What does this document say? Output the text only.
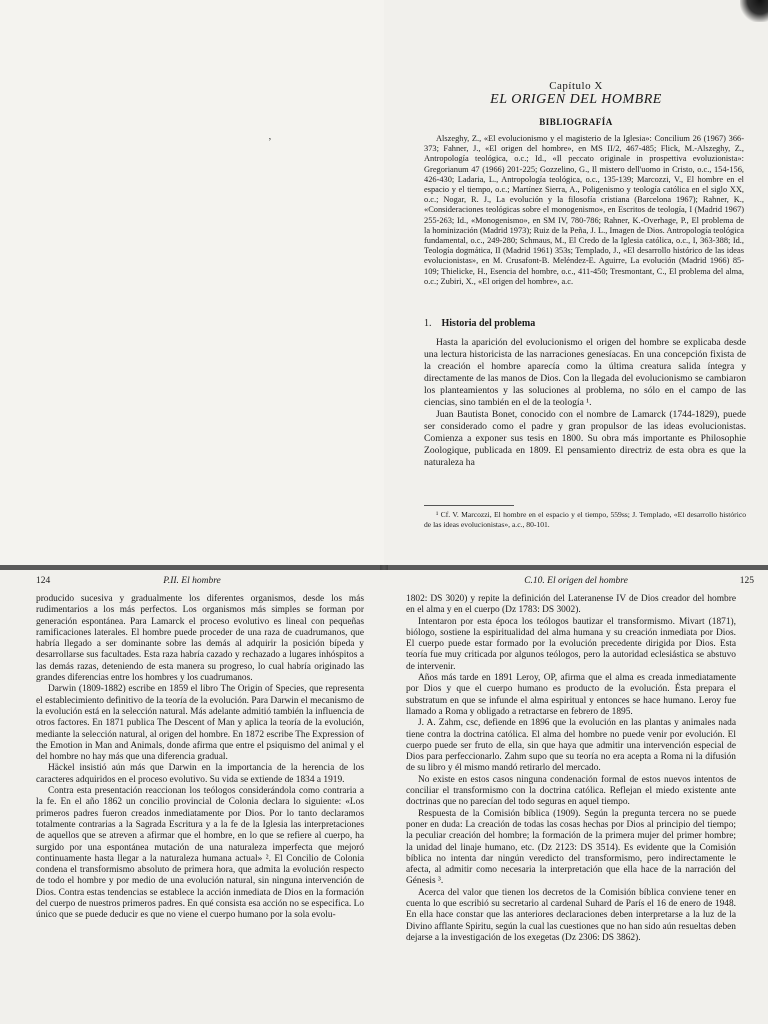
ʼ
Capítulo X
EL ORIGEN DEL HOMBRE
BIBLIOGRAFÍA
Alszeghy, Z., «El evolucionismo y el magisterio de la Iglesia»: Concilium 26 (1967) 366-373; Fahner, J., «El origen del hombre», en MS II/2, 467-485; Flick, M.-Alszeghy, Z., Antropología teológica, o.c.; Id., «Il peccato originale in prospettiva evoluzionista»: Gregorianum 47 (1966) 201-225; Gozzelino, G., Il mistero dell'uomo in Cristo, o.c., 154-156, 426-430; Ladaria, L., Antropología teológica, o.c., 135-139; Marcozzi, V., El hombre en el espacio y el tiempo, o.c.; Martínez Sierra, A., Poligenismo y teología católica en el siglo XX, o.c.; Nogar, R. J., La evolución y la filosofía cristiana (Barcelona 1967); Rahner, K., «Consideraciones teológicas sobre el monogenismo», en Escritos de teología, I (Madrid 1967) 255-263; Id., «Monogenismo», en SM IV, 780-786; Rahner, K.-Overhage, P., El problema de la hominización (Madrid 1973); Ruiz de la Peña, J. L., Imagen de Dios. Antropología teológica fundamental, o.c., 249-280; Schmaus, M., El Credo de la Iglesia católica, o.c., I, 363-388; Id., Teología dogmática, II (Madrid 1961) 353s; Templado, J., «El desarrollo histórico de las ideas evolucionistas», en M. Crusafont-B. Meléndez-E. Aguirre, La evolución (Madrid 1966) 85-109; Thielicke, H., Esencia del hombre, o.c., 411-450; Tresmontant, C., El problema del alma, o.c.; Zubiri, X., «El origen del hombre», a.c.
1. Historia del problema

Hasta la aparición del evolucionismo el origen del hombre se explicaba desde una lectura historicista de las narraciones genesíacas. En una concepción fixista de la creación el hombre aparecía como la última creatura salida íntegra y directamente de las manos de Dios. Con la llegada del evolucionismo se cambiaron los planteamientos y las soluciones al problema, no sólo en el campo de las ciencias, sino también en el de la teología ¹.

Juan Bautista Bonet, conocido con el nombre de Lamarck (1744-1829), puede ser considerado como el padre y gran propulsor de las ideas evolucionistas. Comienza a exponer sus tesis en 1800. Su obra más importante es Philosophie Zoologique, publicada en 1809. El pensamiento directriz de esta obra es que la naturaleza ha

¹ Cf. V. Marcozzi, El hombre en el espacio y el tiempo, 559ss; J. Templado, «El desarrollo histórico de las ideas evolucionistas», a.c., 80-101.
124	P.II. El hombre

producido sucesiva y gradualmente los diferentes organismos, desde los más rudimentarios a los más perfectos. Los organismos más simples se forman por generación espontánea. Para Lamarck el proceso evolutivo es lineal con pequeñas ramificaciones laterales. El hombre puede proceder de una raza de cuadrumanos, que habría llegado a ser dominante sobre las demás al adquirir la posición bípeda y desarrollarse sus facultades. Esta raza habría cazado y rechazado a lugares inhóspitos a las demás razas, deteniendo de esta manera su progreso, lo cual habría originado las grandes diferencias entre los hombres y los cuadrumanos.

Darwin (1809-1882) escribe en 1859 el libro The Origin of Species, que representa el establecimiento definitivo de la teoría de la evolución. Para Darwin el mecanismo de la evolución está en la selección natural. Más adelante admitió también la influencia de otros factores. En 1871 publica The Descent of Man y aplica la teoría de la evolución, mediante la selección natural, al origen del hombre. En 1872 escribe The Expression of the Emotion in Man and Animals, donde afirma que entre el psiquismo del animal y el del hombre no hay más que una diferencia gradual.

Häckel insistió aún más que Darwin en la importancia de la herencia de los caracteres adquiridos en el proceso evolutivo. Su vida se extiende de 1834 a 1919.

Contra esta presentación reaccionan los teólogos considerándola como contraria a la fe. En el año 1862 un concilio provincial de Colonia declara lo siguiente: «Los primeros padres fueron creados inmediatamente por Dios. Por lo tanto declaramos totalmente contrarias a la Sagrada Escritura y a la fe de la Iglesia las interpretaciones de aquellos que se atreven a afirmar que el hombre, en lo que se refiere al cuerpo, ha surgido por una espontánea mutación de una naturaleza imperfecta que mejoró continuamente hasta llegar a la naturaleza humana actual» ². El Concilio de Colonia condena el transformismo absoluto de primera hora, que admita la evolución respecto de todo el hombre y por medio de una evolución natural, sin ninguna intervención de Dios. Contra estas tendencias se establece la acción inmediata de Dios en la formación del cuerpo de nuestros primeros padres. En qué consista esa acción no se especifica. Lo único que se puede deducir es que no viene el cuerpo humano por la sola evolu-

C.10. El origen del hombre	125

1802: DS 3020) y repite la definición del Lateranense IV de Dios creador del hombre en el alma y en el cuerpo (Dz 1783: DS 3002).

Intentaron por esta época los teólogos bautizar el transformismo. Mivart (1871), biólogo, sostiene la espiritualidad del alma humana y su creación inmediata por Dios. El cuerpo puede estar formado por la evolución precedente dirigida por Dios. Esta teoría fue muy criticada por algunos teólogos, pero la autoridad eclesiástica se abstuvo de intervenir.

Años más tarde en 1891 Leroy, OP, afirma que el alma es creada inmediatamente por Dios y que el cuerpo humano es producto de la evolución. Ésta prepara el substratum en que se infunde el alma espiritual y entonces se hace humano. Leroy fue llamado a Roma y obligado a retractarse en febrero de 1895.

J. A. Zahm, csc, defiende en 1896 que la evolución en las plantas y animales nada tiene contra la doctrina católica. El alma del hombre no puede venir por evolución. El cuerpo puede ser fruto de ella, sin que haya que admitir una intervención especial de Dios para perfeccionarlo. Zahm supo que su teoría no era acepta a Roma ni la difusión de su libro y él mismo mandó retirarlo del mercado.

No existe en estos casos ninguna condenación formal de estos nuevos intentos de conciliar el transformismo con la doctrina católica. Reflejan el miedo existente ante doctrinas que no parecían del todo seguras en aquel tiempo.

Respuesta de la Comisión bíblica (1909). Según la pregunta tercera no se puede poner en duda: La creación de todas las cosas hechas por Dios al principio del tiempo; la peculiar creación del hombre; la formación de la primera mujer del primer hombre; la unidad del linaje humano, etc. (Dz 2123: DS 3514). Es evidente que la Comisión bíblica no intenta dar ningún veredicto del transformismo, pero indirectamente le afecta, al admitir como necesaria la interpretación que ella hace de la narración del Génesis ³.

Acerca del valor que tienen los decretos de la Comisión bíblica conviene tener en cuenta lo que escribió su secretario al cardenal Suhard de París el 16 de enero de 1948. En ella hace constar que las anteriores declaraciones deben interpretarse a la luz de la Divino afflante Spiritu, según la cual las cuestiones que no han sido aún resueltas deben dejarse a la investigación de los exegetas (Dz 2306: DS 3862).
